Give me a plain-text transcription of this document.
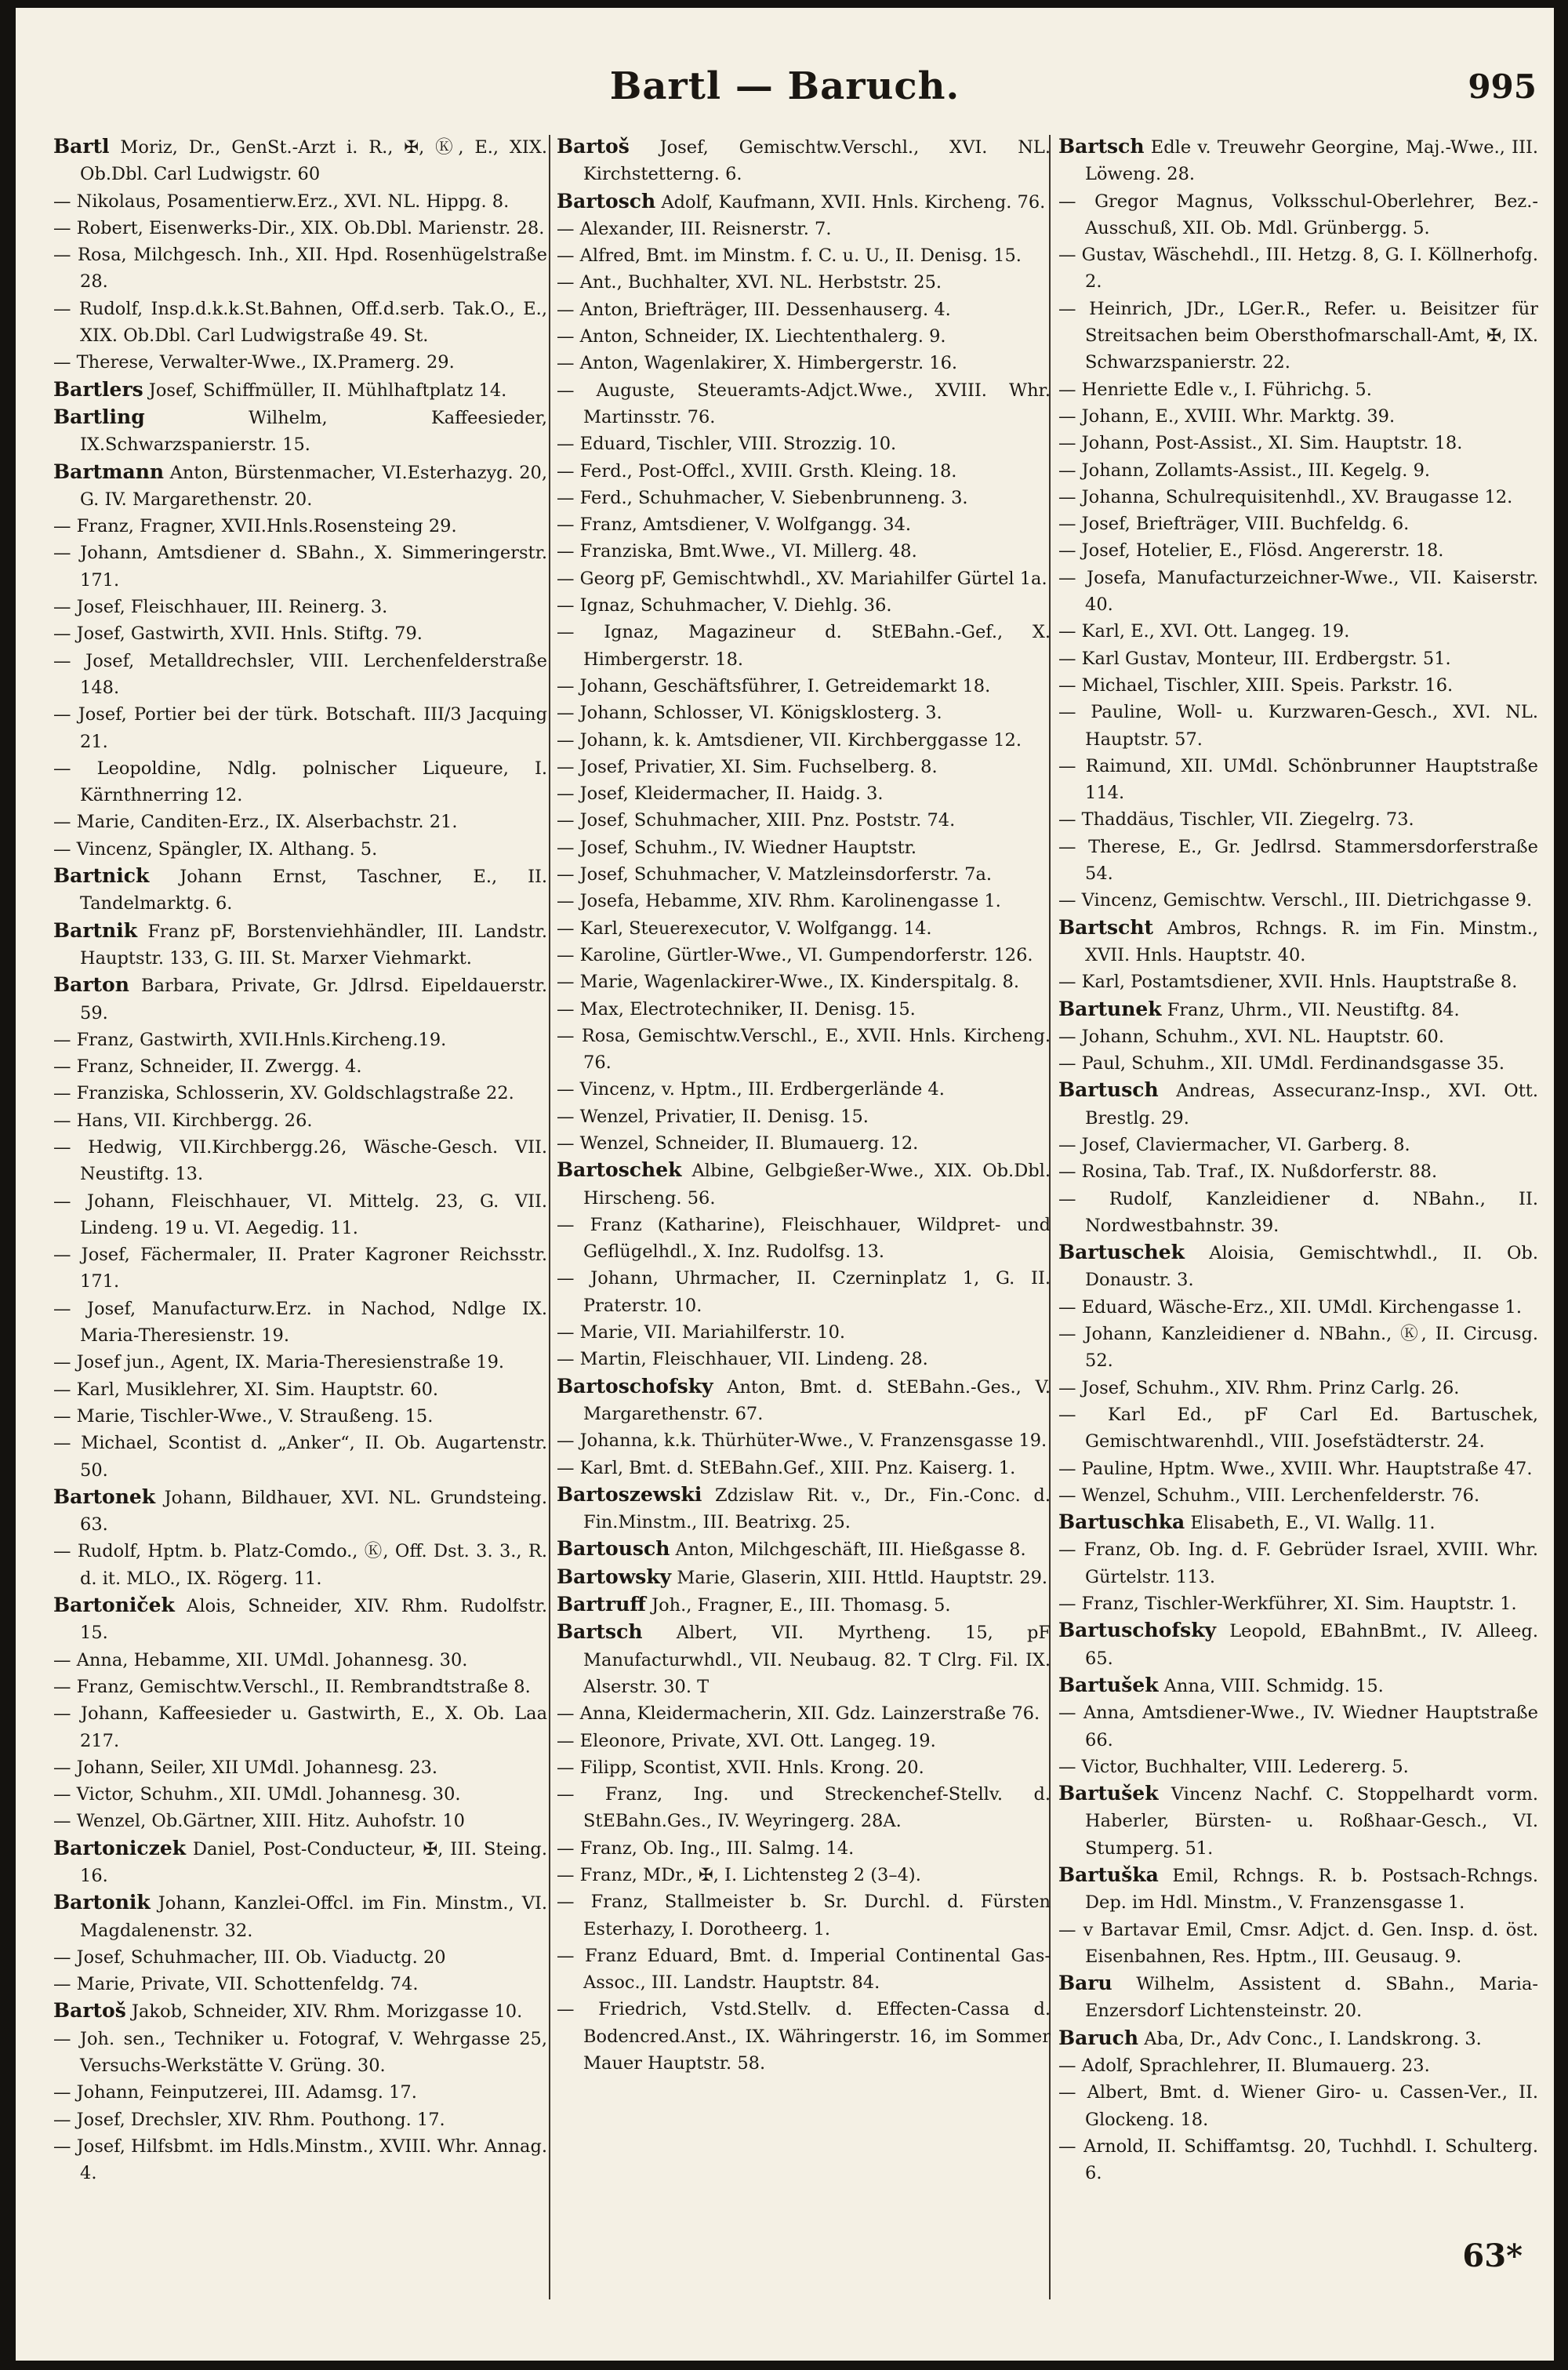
Bartl — Baruch.	995

Bartl Moriz, Dr., GenSt.-Arzt i. R., ✠, Ⓚ, E., XIX. Ob.Dbl. Carl Ludwigstr. 60

— Nikolaus, Posamentierw.Erz., XVI. NL. Hippg. 8.

— Robert, Eisenwerks-Dir., XIX. Ob.Dbl. Marienstr. 28.

— Rosa, Milchgesch. Inh., XII. Hpd. Rosenhügelstraße 28.

— Rudolf, Insp.d.k.k.St.Bahnen, Off.d.serb. Tak.O., E., XIX. Ob.Dbl. Carl Ludwigstraße 49. St.

— Therese, Verwalter-Wwe., IX.Pramerg. 29.

Bartlers Josef, Schiffmüller, II. Mühlhaftplatz 14.

Bartling Wilhelm, Kaffeesieder, IX.Schwarzspanierstr. 15.

Bartmann Anton, Bürstenmacher, VI.Esterhazyg. 20, G. IV. Margarethenstr. 20.

— Franz, Fragner, XVII.Hnls.Rosensteing 29.

— Johann, Amtsdiener d. SBahn., X. Simmeringerstr. 171.

— Josef, Fleischhauer, III. Reinerg. 3.

— Josef, Gastwirth, XVII. Hnls. Stiftg. 79.

— Josef, Metalldrechsler, VIII. Lerchenfelderstraße 148.

— Josef, Portier bei der türk. Botschaft. III/3 Jacquing 21.

— Leopoldine, Ndlg. polnischer Liqueure, I. Kärnthnerring 12.

— Marie, Canditen-Erz., IX. Alserbachstr. 21.

— Vincenz, Spängler, IX. Althang. 5.

Bartnick Johann Ernst, Taschner, E., II. Tandelmarktg. 6.

Bartnik Franz pF, Borstenviehhändler, III. Landstr. Hauptstr. 133, G. III. St. Marxer Viehmarkt.

Barton Barbara, Private, Gr. Jdlrsd. Eipeldauerstr. 59.

— Franz, Gastwirth, XVII.Hnls.Kircheng.19.

— Franz, Schneider, II. Zwergg. 4.

— Franziska, Schlosserin, XV. Goldschlagstraße 22.

— Hans, VII. Kirchbergg. 26.

— Hedwig, VII.Kirchbergg.26, Wäsche-Gesch. VII. Neustiftg. 13.

— Johann, Fleischhauer, VI. Mittelg. 23, G. VII. Lindeng. 19 u. VI. Aegedig. 11.

— Josef, Fächermaler, II. Prater Kagroner Reichsstr. 171.

— Josef, Manufacturw.Erz. in Nachod, Ndlge IX. Maria-Theresienstr. 19.

— Josef jun., Agent, IX. Maria-Theresienstraße 19.

— Karl, Musiklehrer, XI. Sim. Hauptstr. 60.

— Marie, Tischler-Wwe., V. Straußeng. 15.

— Michael, Scontist d. „Anker“, II. Ob. Augartenstr. 50.

Bartonek Johann, Bildhauer, XVI. NL. Grundsteing. 63.

— Rudolf, Hptm. b. Platz-Comdo., Ⓚ, Off. Dst. 3. 3., R. d. it. MLO., IX. Rögerg. 11.

Bartoniček Alois, Schneider, XIV. Rhm. Rudolfstr. 15.

— Anna, Hebamme, XII. UMdl. Johannesg. 30.

— Franz, Gemischtw.Verschl., II. Rembrandtstraße 8.

— Johann, Kaffeesieder u. Gastwirth, E., X. Ob. Laa 217.

— Johann, Seiler, XII UMdl. Johannesg. 23.

— Victor, Schuhm., XII. UMdl. Johannesg. 30.

— Wenzel, Ob.Gärtner, XIII. Hitz. Auhofstr. 10

Bartoniczek Daniel, Post-Conducteur, ✠, III. Steing. 16.

Bartonik Johann, Kanzlei-Offcl. im Fin. Minstm., VI. Magdalenenstr. 32.

— Josef, Schuhmacher, III. Ob. Viaductg. 20

— Marie, Private, VII. Schottenfeldg. 74.

Bartoš Jakob, Schneider, XIV. Rhm. Morizgasse 10.

— Joh. sen., Techniker u. Fotograf, V. Wehrgasse 25, Versuchs-Werkstätte V. Grüng. 30.

— Johann, Feinputzerei, III. Adamsg. 17.

— Josef, Drechsler, XIV. Rhm. Pouthong. 17.

— Josef, Hilfsbmt. im Hdls.Minstm., XVIII. Whr. Annag. 4.

Bartoš Josef, Gemischtw.Verschl., XVI. NL. Kirchstetterng. 6.

Bartosch Adolf, Kaufmann, XVII. Hnls. Kircheng. 76.

— Alexander, III. Reisnerstr. 7.

— Alfred, Bmt. im Minstm. f. C. u. U., II. Denisg. 15.

— Ant., Buchhalter, XVI. NL. Herbststr. 25.

— Anton, Briefträger, III. Dessenhauserg. 4.

— Anton, Schneider, IX. Liechtenthalerg. 9.

— Anton, Wagenlakirer, X. Himbergerstr. 16.

— Auguste, Steueramts-Adjct.Wwe., XVIII. Whr. Martinsstr. 76.

— Eduard, Tischler, VIII. Strozzig. 10.

— Ferd., Post-Offcl., XVIII. Grsth. Kleing. 18.

— Ferd., Schuhmacher, V. Siebenbrunneng. 3.

— Franz, Amtsdiener, V. Wolfgangg. 34.

— Franziska, Bmt.Wwe., VI. Millerg. 48.

— Georg pF, Gemischtwhdl., XV. Mariahilfer Gürtel 1a.

— Ignaz, Schuhmacher, V. Diehlg. 36.

— Ignaz, Magazineur d. StEBahn.-Gef., X. Himbergerstr. 18.

— Johann, Geschäftsführer, I. Getreidemarkt 18.

— Johann, Schlosser, VI. Königsklosterg. 3.

— Johann, k. k. Amtsdiener, VII. Kirchberggasse 12.

— Josef, Privatier, XI. Sim. Fuchselberg. 8.

— Josef, Kleidermacher, II. Haidg. 3.

— Josef, Schuhmacher, XIII. Pnz. Poststr. 74.

— Josef, Schuhm., IV. Wiedner Hauptstr.

— Josef, Schuhmacher, V. Matzleinsdorferstr. 7a.

— Josefa, Hebamme, XIV. Rhm. Karolinengasse 1.

— Karl, Steuerexecutor, V. Wolfgangg. 14.

— Karoline, Gürtler-Wwe., VI. Gumpendorferstr. 126.

— Marie, Wagenlackirer-Wwe., IX. Kinderspitalg. 8.

— Max, Electrotechniker, II. Denisg. 15.

— Rosa, Gemischtw.Verschl., E., XVII. Hnls. Kircheng. 76.

— Vincenz, v. Hptm., III. Erdbergerlände 4.

— Wenzel, Privatier, II. Denisg. 15.

— Wenzel, Schneider, II. Blumauerg. 12.

Bartoschek Albine, Gelbgießer-Wwe., XIX. Ob.Dbl. Hirscheng. 56.

— Franz (Katharine), Fleischhauer, Wildpret- und Geflügelhdl., X. Inz. Rudolfsg. 13.

— Johann, Uhrmacher, II. Czerninplatz 1, G. II. Praterstr. 10.

— Marie, VII. Mariahilferstr. 10.

— Martin, Fleischhauer, VII. Lindeng. 28.

Bartoschofsky Anton, Bmt. d. StEBahn.-Ges., V. Margarethenstr. 67.

— Johanna, k.k. Thürhüter-Wwe., V. Franzensgasse 19.

— Karl, Bmt. d. StEBahn.Gef., XIII. Pnz. Kaiserg. 1.

Bartoszewski Zdzislaw Rit. v., Dr., Fin.-Conc. d. Fin.Minstm., III. Beatrixg. 25.

Bartousch Anton, Milchgeschäft, III. Hießgasse 8.

Bartowsky Marie, Glaserin, XIII. Httld. Hauptstr. 29.

Bartruff Joh., Fragner, E., III. Thomasg. 5.

Bartsch Albert, VII. Myrtheng. 15, pF Manufacturwhdl., VII. Neubaug. 82. T Clrg. Fil. IX. Alserstr. 30. T

— Anna, Kleidermacherin, XII. Gdz. Lainzerstraße 76.

— Eleonore, Private, XVI. Ott. Langeg. 19.

— Filipp, Scontist, XVII. Hnls. Krong. 20.

— Franz, Ing. und Streckenchef-Stellv. d. StEBahn.Ges., IV. Weyringerg. 28A.

— Franz, Ob. Ing., III. Salmg. 14.

— Franz, MDr., ✠, I. Lichtensteg 2 (3–4).

— Franz, Stallmeister b. Sr. Durchl. d. Fürsten Esterhazy, I. Dorotheerg. 1.

— Franz Eduard, Bmt. d. Imperial Continental Gas-Assoc., III. Landstr. Hauptstr. 84.

— Friedrich, Vstd.Stellv. d. Effecten-Cassa d. Bodencred.Anst., IX. Währingerstr. 16, im Sommer Mauer Hauptstr. 58.

Bartsch Edle v. Treuwehr Georgine, Maj.-Wwe., III. Löweng. 28.

— Gregor Magnus, Volksschul-Oberlehrer, Bez.-Ausschuß, XII. Ob. Mdl. Grünbergg. 5.

— Gustav, Wäschehdl., III. Hetzg. 8, G. I. Köllnerhofg. 2.

— Heinrich, JDr., LGer.R., Refer. u. Beisitzer für Streitsachen beim Obersthofmarschall-Amt, ✠, IX. Schwarzspanierstr. 22.

— Henriette Edle v., I. Führichg. 5.

— Johann, E., XVIII. Whr. Marktg. 39.

— Johann, Post-Assist., XI. Sim. Hauptstr. 18.

— Johann, Zollamts-Assist., III. Kegelg. 9.

— Johanna, Schulrequisitenhdl., XV. Braugasse 12.

— Josef, Briefträger, VIII. Buchfeldg. 6.

— Josef, Hotelier, E., Flösd. Angererstr. 18.

— Josefa, Manufacturzeichner-Wwe., VII. Kaiserstr. 40.

— Karl, E., XVI. Ott. Langeg. 19.

— Karl Gustav, Monteur, III. Erdbergstr. 51.

— Michael, Tischler, XIII. Speis. Parkstr. 16.

— Pauline, Woll- u. Kurzwaren-Gesch., XVI. NL. Hauptstr. 57.

— Raimund, XII. UMdl. Schönbrunner Hauptstraße 114.

— Thaddäus, Tischler, VII. Ziegelrg. 73.

— Therese, E., Gr. Jedlrsd. Stammersdorferstraße 54.

— Vincenz, Gemischtw. Verschl., III. Dietrichgasse 9.

Bartscht Ambros, Rchngs. R. im Fin. Minstm., XVII. Hnls. Hauptstr. 40.

— Karl, Postamtsdiener, XVII. Hnls. Hauptstraße 8.

Bartunek Franz, Uhrm., VII. Neustiftg. 84.

— Johann, Schuhm., XVI. NL. Hauptstr. 60.

— Paul, Schuhm., XII. UMdl. Ferdinandsgasse 35.

Bartusch Andreas, Assecuranz-Insp., XVI. Ott. Brestlg. 29.

— Josef, Claviermacher, VI. Garberg. 8.

— Rosina, Tab. Traf., IX. Nußdorferstr. 88.

— Rudolf, Kanzleidiener d. NBahn., II. Nordwestbahnstr. 39.

Bartuschek Aloisia, Gemischtwhdl., II. Ob. Donaustr. 3.

— Eduard, Wäsche-Erz., XII. UMdl. Kirchengasse 1.

— Johann, Kanzleidiener d. NBahn., Ⓚ, II. Circusg. 52.

— Josef, Schuhm., XIV. Rhm. Prinz Carlg. 26.

— Karl Ed., pF Carl Ed. Bartuschek, Gemischtwarenhdl., VIII. Josefstädterstr. 24.

— Pauline, Hptm. Wwe., XVIII. Whr. Hauptstraße 47.

— Wenzel, Schuhm., VIII. Lerchenfelderstr. 76.

Bartuschka Elisabeth, E., VI. Wallg. 11.

— Franz, Ob. Ing. d. F. Gebrüder Israel, XVIII. Whr. Gürtelstr. 113.

— Franz, Tischler-Werkführer, XI. Sim. Hauptstr. 1.

Bartuschofsky Leopold, EBahnBmt., IV. Alleeg. 65.

Bartušek Anna, VIII. Schmidg. 15.

— Anna, Amtsdiener-Wwe., IV. Wiedner Hauptstraße 66.

— Victor, Buchhalter, VIII. Ledererg. 5.

Bartušek Vincenz Nachf. C. Stoppelhardt vorm. Haberler, Bürsten- u. Roßhaar-Gesch., VI. Stumperg. 51.

Bartuška Emil, Rchngs. R. b. Postsach-Rchngs. Dep. im Hdl. Minstm., V. Franzensgasse 1.

— v Bartavar Emil, Cmsr. Adjct. d. Gen. Insp. d. öst. Eisenbahnen, Res. Hptm., III. Geusaug. 9.

Baru Wilhelm, Assistent d. SBahn., Maria-Enzersdorf Lichtensteinstr. 20.

Baruch Aba, Dr., Adv Conc., I. Landskrong. 3.

— Adolf, Sprachlehrer, II. Blumauerg. 23.

— Albert, Bmt. d. Wiener Giro- u. Cassen-Ver., II. Glockeng. 18.

— Arnold, II. Schiffamtsg. 20, Tuchhdl. I. Schulterg. 6.

63*
